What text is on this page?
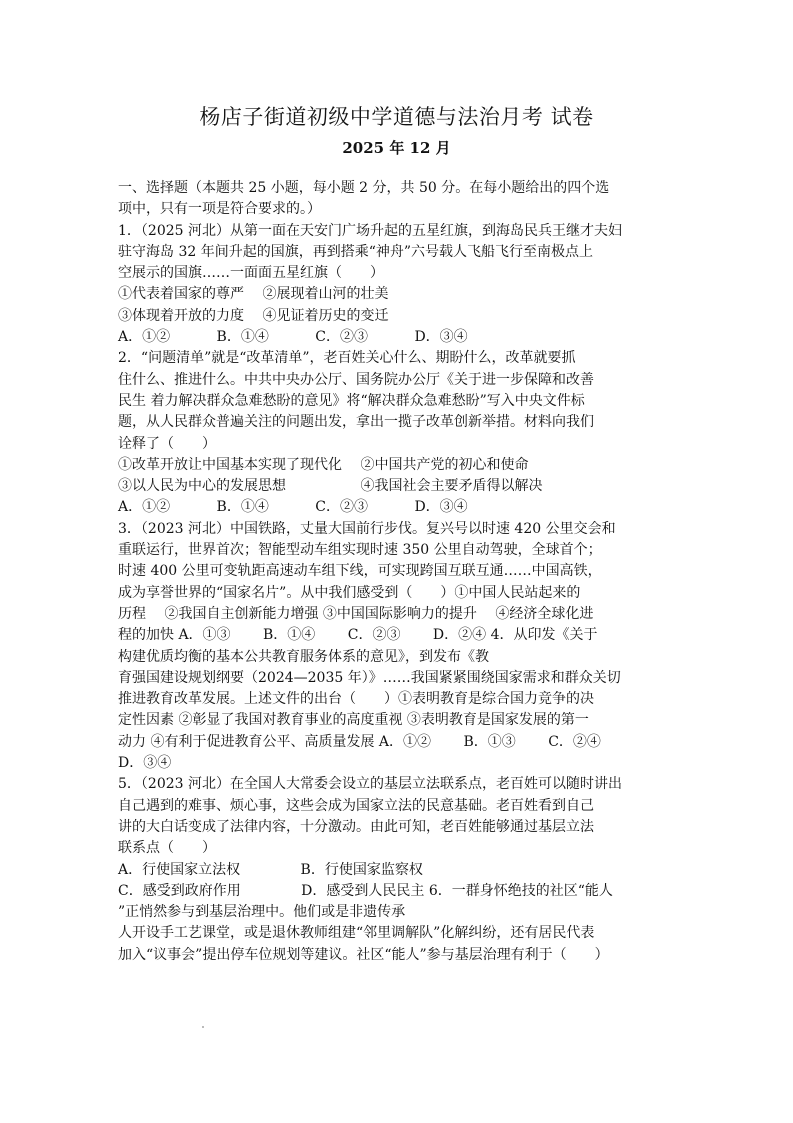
杨店子街道初级中学道德与法治月考 试卷
2025 年 12 月
一、选择题（本题共 25 小题，每小题 2 分，共 50 分。在每小题给出的四个选
项中，只有一项是符合要求的。）
1．（2025 河北）从第一面在天安门广场升起的五星红旗，到海岛民兵王继才夫妇
驻守海岛 32 年间升起的国旗，再到搭乘“神舟”六号载人飞船飞行至南极点上
空展示的国旗……一面面五星红旗（　　）
①代表着国家的尊严　 ②展现着山河的壮美
③体现着开放的力度　 ④见证着历史的变迁
A．①②　　　 B．①④　　　 C．②③　　　 D．③④
2．“问题清单”就是“改革清单”，老百姓关心什么、期盼什么，改革就要抓
住什么、推进什么。中共中央办公厅、国务院办公厅《关于进一步保障和改善
民生 着力解决群众急难愁盼的意见》将“解决群众急难愁盼”写入中央文件标
题，从人民群众普遍关注的问题出发，拿出一揽子改革创新举措。材料向我们
诠释了（　　）
①改革开放让中国基本实现了现代化　 ②中国共产党的初心和使命
③以人民为中心的发展思想　　　　　 ④我国社会主要矛盾得以解决
A．①②　　　 B．①④　　　 C．②③　　　 D．③④
3．（2023 河北）中国铁路，丈量大国前行步伐。复兴号以时速 420 公里交会和
重联运行，世界首次；智能型动车组实现时速 350 公里自动驾驶，全球首个；
时速 400 公里可变轨距高速动车组下线，可实现跨国互联互通……中国高铁，
成为享誉世界的“国家名片”。从中我们感受到（　　）①中国人民站起来的
历程　 ②我国自主创新能力增强 ③中国国际影响力的提升　 ④经济全球化进
程的加快 A．①③　　 B．①④　　 C．②③　　 D．②④ 4．从印发《关于
构建优质均衡的基本公共教育服务体系的意见》，到发布《教
育强国建设规划纲要（2024—2035 年）》……我国紧紧围绕国家需求和群众关切
推进教育改革发展。上述文件的出台（　　）①表明教育是综合国力竞争的决
定性因素 ②彰显了我国对教育事业的高度重视 ③表明教育是国家发展的第一
动力 ④有利于促进教育公平、高质量发展 A．①②　　 B．①③　　 C．②④
D．③④
5．（2023 河北）在全国人大常委会设立的基层立法联系点，老百姓可以随时讲出
自己遇到的难事、烦心事，这些会成为国家立法的民意基础。老百姓看到自己
讲的大白话变成了法律内容，十分激动。由此可知，老百姓能够通过基层立法
联系点（　　）
A．行使国家立法权　　　　 B．行使国家监察权
C．感受到政府作用　　　　 D．感受到人民民主 6．一群身怀绝技的社区“能人
”正悄然参与到基层治理中。他们或是非遗传承
人开设手工艺课堂，或是退休教师组建“邻里调解队”化解纠纷，还有居民代表
加入“议事会”提出停车位规划等建议。社区“能人”参与基层治理有利于（　　）
